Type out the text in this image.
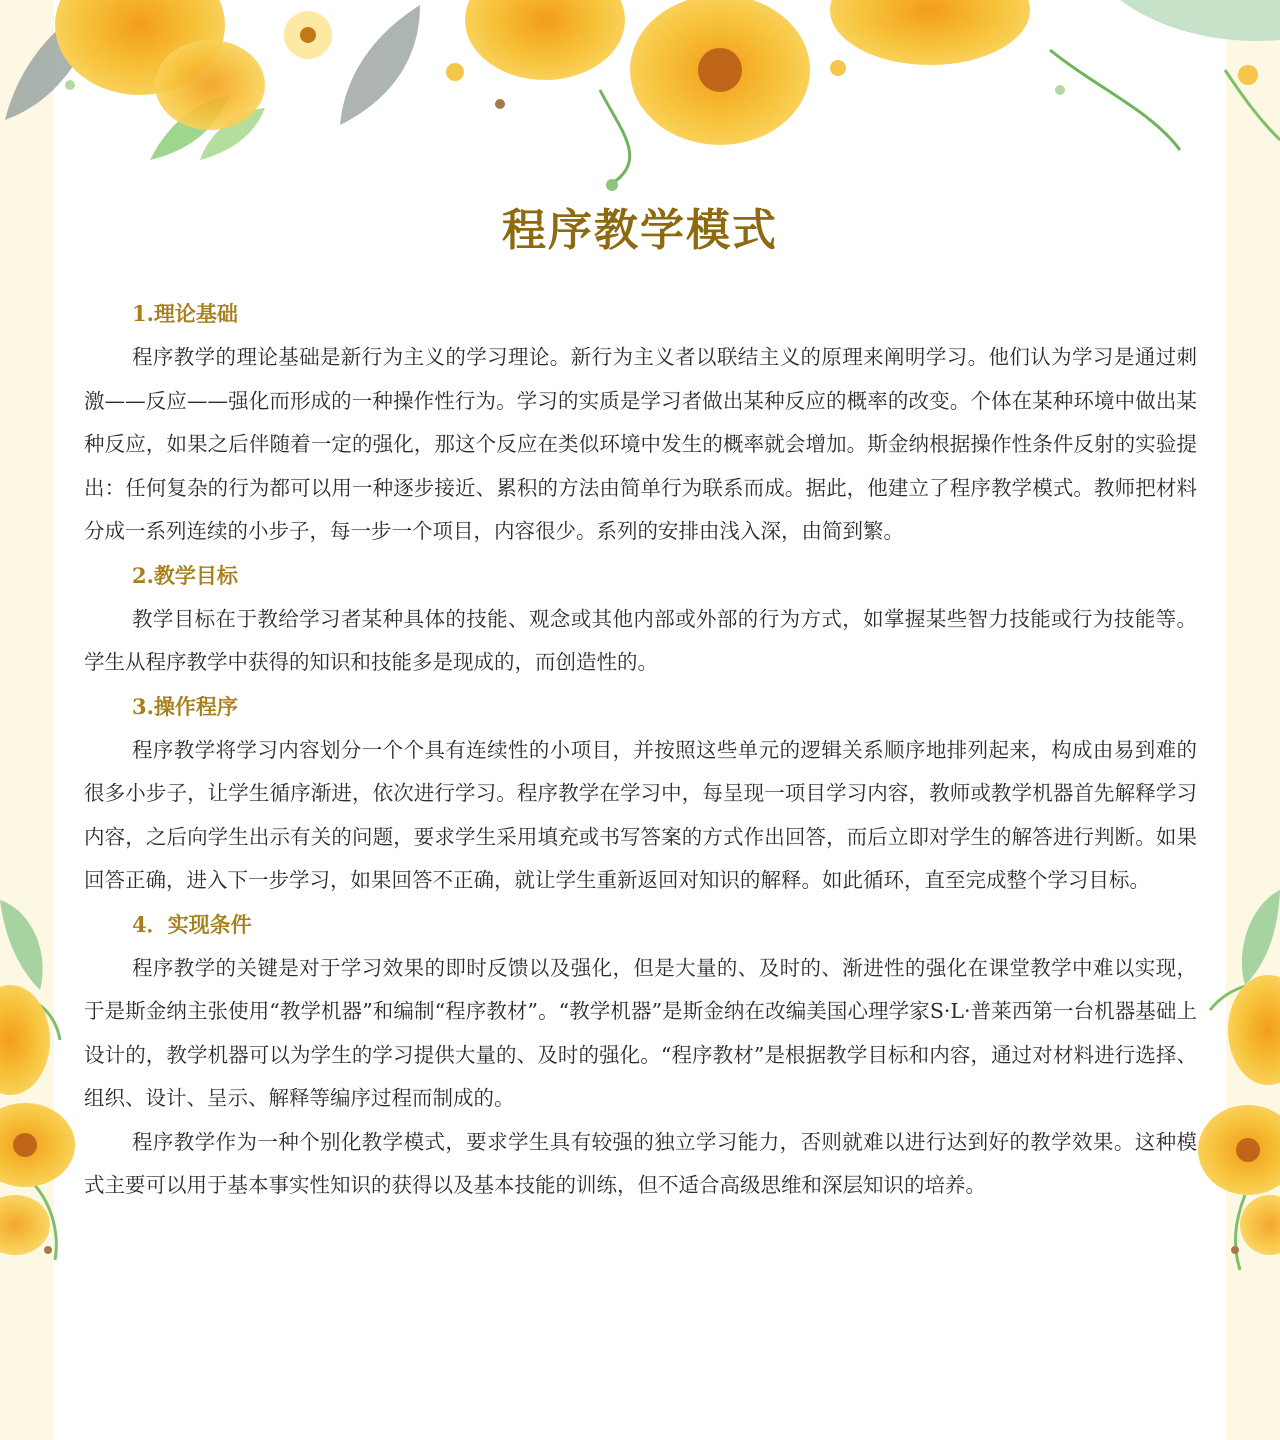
程序教学模式
1.理论基础

程序教学的理论基础是新行为主义的学习理论。新行为主义者以联结主义的原理来阐明学习。他们认为学习是通过刺激——反应——强化而形成的一种操作性行为。学习的实质是学习者做出某种反应的概率的改变。个体在某种环境中做出某种反应，如果之后伴随着一定的强化，那这个反应在类似环境中发生的概率就会增加。斯金纳根据操作性条件反射的实验提出：任何复杂的行为都可以用一种逐步接近、累积的方法由简单行为联系而成。据此，他建立了程序教学模式。教师把材料分成一系列连续的小步子，每一步一个项目，内容很少。系列的安排由浅入深，由简到繁。

2.教学目标

教学目标在于教给学习者某种具体的技能、观念或其他内部或外部的行为方式，如掌握某些智力技能或行为技能等。学生从程序教学中获得的知识和技能多是现成的，而创造性的。

3.操作程序

程序教学将学习内容划分一个个具有连续性的小项目，并按照这些单元的逻辑关系顺序地排列起来，构成由易到难的很多小步子，让学生循序渐进，依次进行学习。程序教学在学习中，每呈现一项目学习内容，教师或教学机器首先解释学习内容，之后向学生出示有关的问题，要求学生采用填充或书写答案的方式作出回答，而后立即对学生的解答进行判断。如果回答正确，进入下一步学习，如果回答不正确，就让学生重新返回对知识的解释。如此循环，直至完成整个学习目标。

4．实现条件

程序教学的关键是对于学习效果的即时反馈以及强化，但是大量的、及时的、渐进性的强化在课堂教学中难以实现，于是斯金纳主张使用“教学机器”和编制“程序教材”。“教学机器”是斯金纳在改编美国心理学家S·L·普莱西第一台机器基础上设计的，教学机器可以为学生的学习提供大量的、及时的强化。“程序教材”是根据教学目标和内容，通过对材料进行选择、组织、设计、呈示、解释等编序过程而制成的。

程序教学作为一种个别化教学模式，要求学生具有较强的独立学习能力，否则就难以进行达到好的教学效果。这种模式主要可以用于基本事实性知识的获得以及基本技能的训练，但不适合高级思维和深层知识的培养。
